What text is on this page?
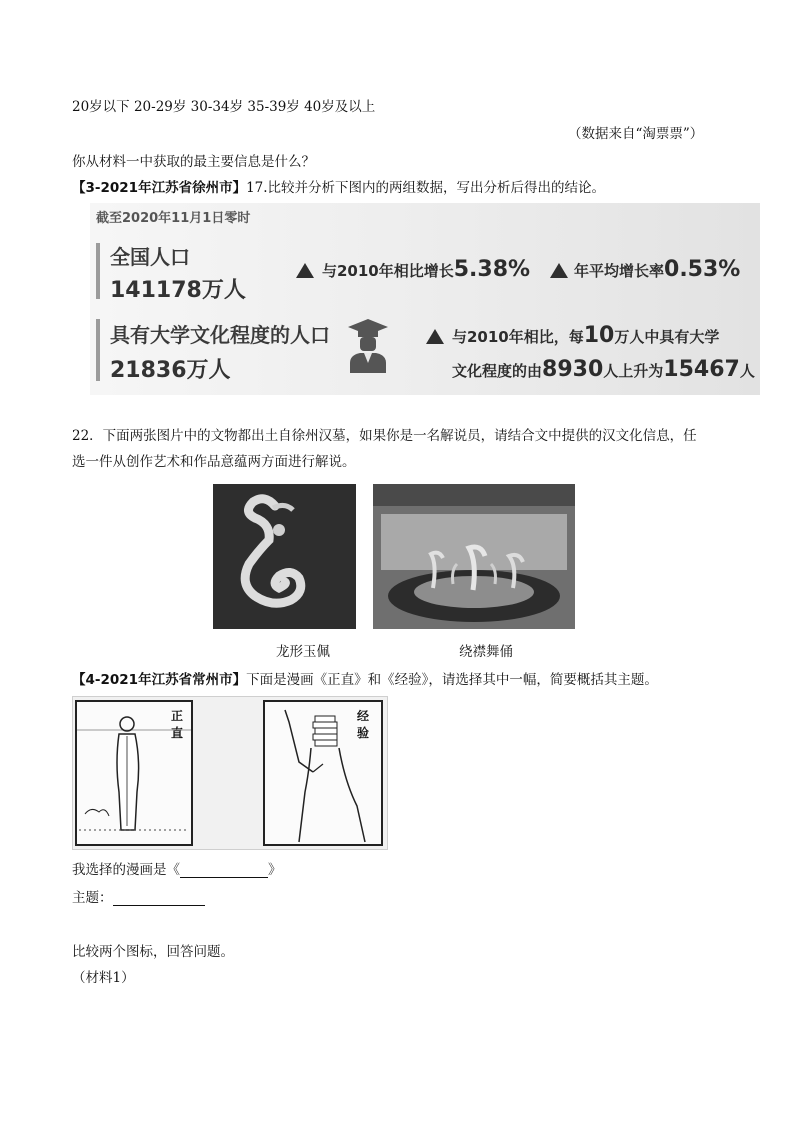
20岁以下 20-29岁 30-34岁 35-39岁 40岁及以上
（数据来自“淘票票”）
你从材料一中获取的最主要信息是什么？
【3-2021年江苏省徐州市】17.比较并分析下图内的两组数据，写出分析后得出的结论。
截至2020年11月1日零时
全国人口
141178万人
与2010年相比增长5.38%	年平均增长率0.53%
具有大学文化程度的人口
21836万人
与2010年相比，每10万人中具有大学
文化程度的由8930人上升为15467人
22．下面两张图片中的文物都出土自徐州汉墓，如果你是一名解说员，请结合文中提供的汉文化信息，任
选一件从创作艺术和作品意蕴两方面进行解说。
龙形玉佩	绕襟舞俑
【4-2021年江苏省常州市】下面是漫画《正直》和《经验》，请选择其中一幅，简要概括其主题。
正
直
经
验
我选择的漫画是《	》
主题：
比较两个图标，回答问题。
（材料1）
